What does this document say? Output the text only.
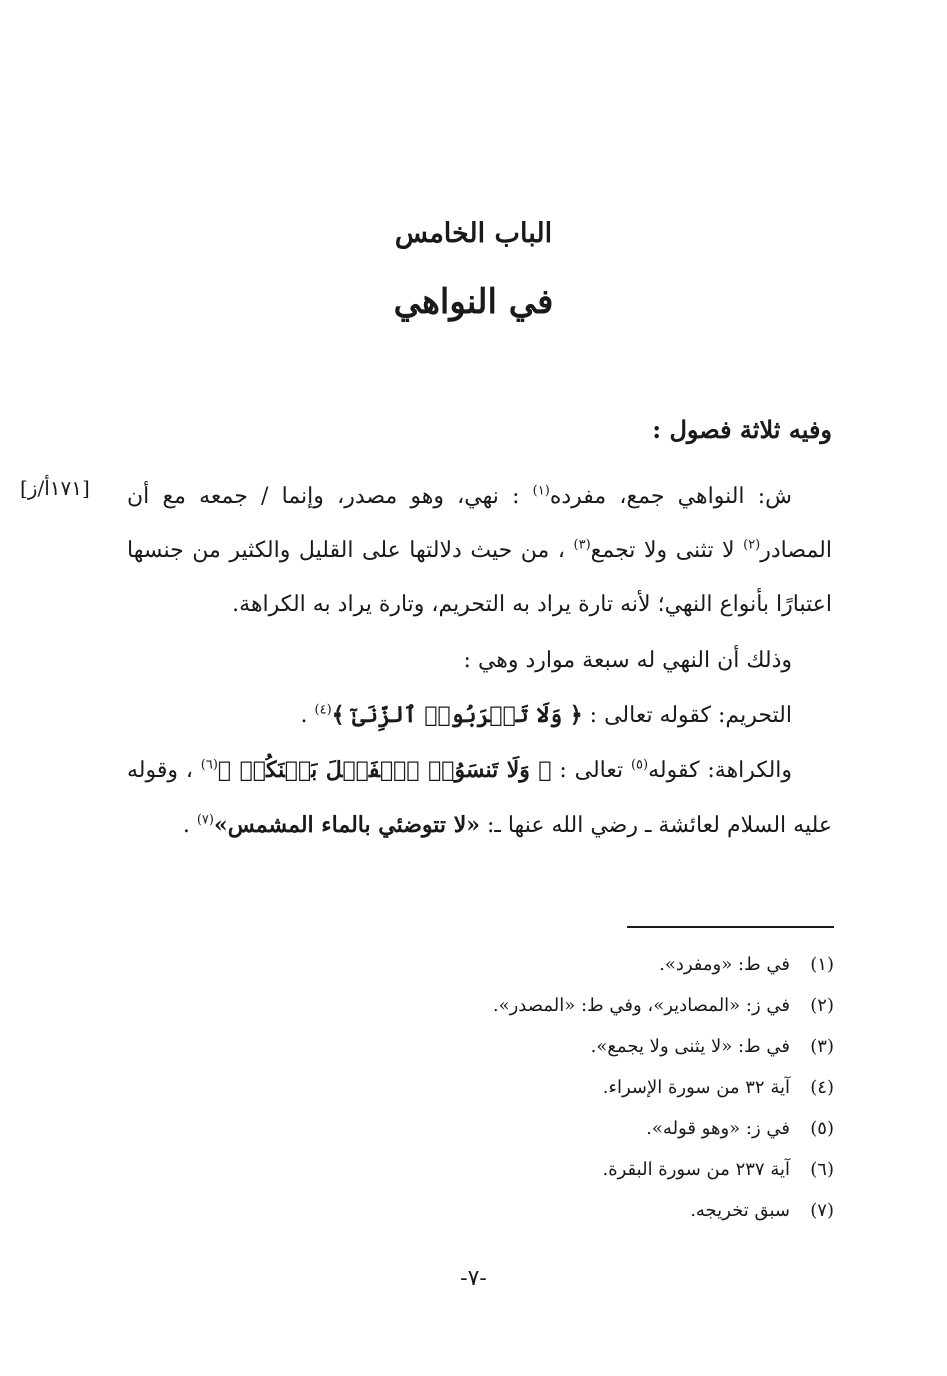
الباب الخامس
في النواهي
وفيه ثلاثة فصول :
[١٧١أ/ز]	ش: النواهي جمع، مفرده$^{(١)}$ : نهي، وهو مصدر، وإنما / جمعه مع أن المصادر$^{(٢)}$ لا تثنى ولا تجمع$^{(٣)}$ ، من حيث دلالتها على القليل والكثير من جنسها اعتبارًا بأنواع النهي؛ لأنه تارة يراد به التحريم، وتارة يراد به الكراهة.

وذلك أن النهي له سبعة موارد وهي :

التحريم: كقوله تعالى : ﴿ وَلَا تَقۡرَبُوا۟ ٱلزِّنَىٰٓ ﴾$^{(٤)}$ .

والكراهة: كقوله$^{(٥)}$ تعالى : ﴿ وَلَا تَنسَوُا۟ ٱلۡفَضۡلَ بَیۡنَكُمۡ ﴾$^{(٦)}$ ، وقوله عليه السلام لعائشة ـ رضي الله عنها ـ: «لا تتوضئي بالماء المشمس»$^{(٧)}$ .

(١)في ط: «ومفرد».
(٢)في ز: «المصادير»، وفي ط: «المصدر».
(٣)في ط: «لا يثنى ولا يجمع».
(٤)آية ٣٢ من سورة الإسراء.
(٥)في ز: «وهو قوله».
(٦)آية ٢٣٧ من سورة البقرة.
(٧)سبق تخريجه.
-٧-
